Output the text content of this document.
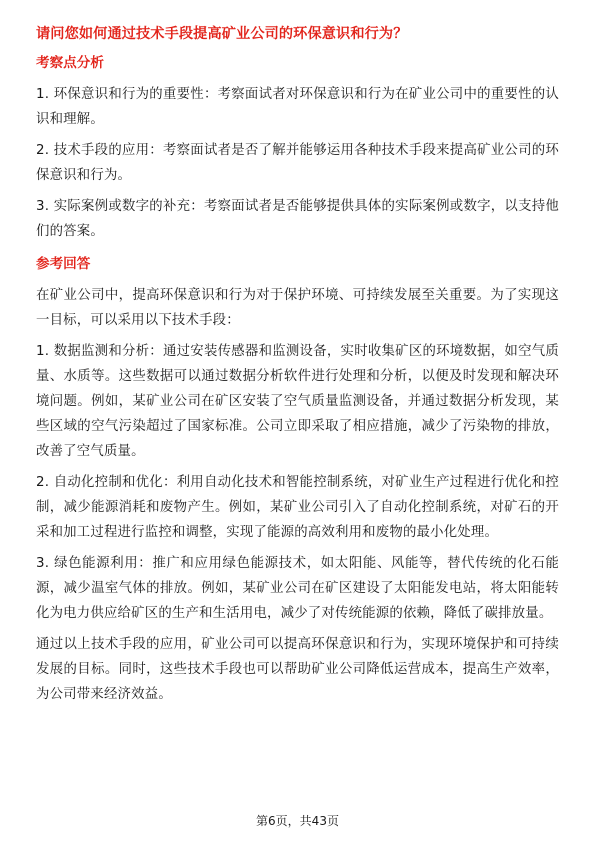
请问您如何通过技术手段提高矿业公司的环保意识和行为？
考察点分析

1. 环保意识和行为的重要性：考察面试者对环保意识和行为在矿业公司中的重要性的认识和理解。

2. 技术手段的应用：考察面试者是否了解并能够运用各种技术手段来提高矿业公司的环保意识和行为。

3. 实际案例或数字的补充：考察面试者是否能够提供具体的实际案例或数字，以支持他们的答案。

参考回答

在矿业公司中，提高环保意识和行为对于保护环境、可持续发展至关重要。为了实现这一目标，可以采用以下技术手段：

1. 数据监测和分析：通过安装传感器和监测设备，实时收集矿区的环境数据，如空气质量、水质等。这些数据可以通过数据分析软件进行处理和分析，以便及时发现和解决环境问题。例如，某矿业公司在矿区安装了空气质量监测设备，并通过数据分析发现，某些区域的空气污染超过了国家标准。公司立即采取了相应措施，减少了污染物的排放，改善了空气质量。

2. 自动化控制和优化：利用自动化技术和智能控制系统，对矿业生产过程进行优化和控制，减少能源消耗和废物产生。例如，某矿业公司引入了自动化控制系统，对矿石的开采和加工过程进行监控和调整，实现了能源的高效利用和废物的最小化处理。

3. 绿色能源利用：推广和应用绿色能源技术，如太阳能、风能等，替代传统的化石能源，减少温室气体的排放。例如，某矿业公司在矿区建设了太阳能发电站，将太阳能转化为电力供应给矿区的生产和生活用电，减少了对传统能源的依赖，降低了碳排放量。

通过以上技术手段的应用，矿业公司可以提高环保意识和行为，实现环境保护和可持续发展的目标。同时，这些技术手段也可以帮助矿业公司降低运营成本，提高生产效率，为公司带来经济效益。

第6页，共43页
